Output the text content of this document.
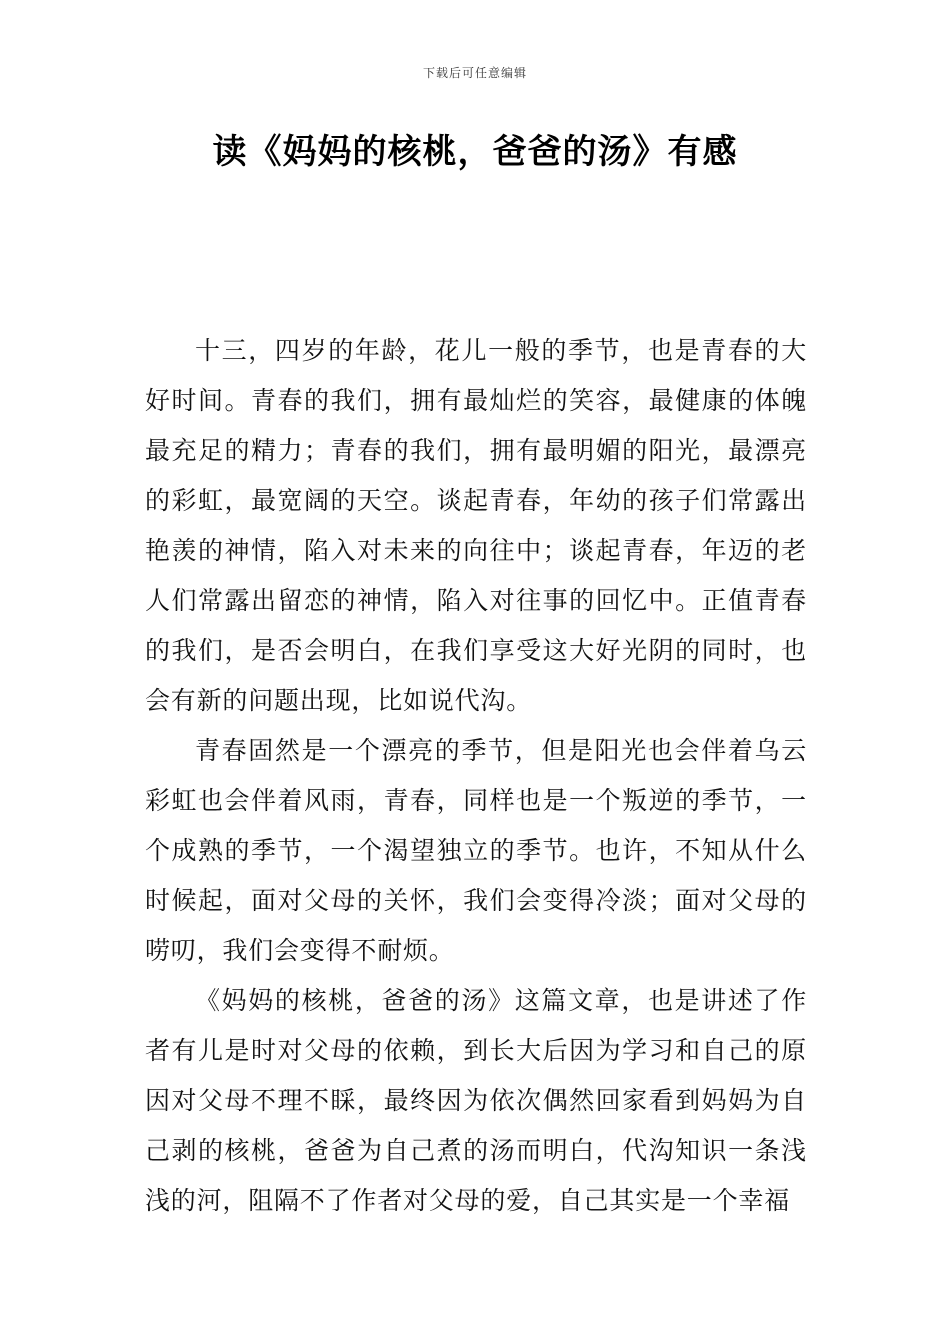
下载后可任意编辑
读《妈妈的核桃，爸爸的汤》有感

十三，四岁的年龄，花儿一般的季节，也是青春的大好时间。青春的我们，拥有最灿烂的笑容，最健康的体魄最充足的精力；青春的我们，拥有最明媚的阳光，最漂亮的彩虹，最宽阔的天空。谈起青春，年幼的孩子们常露出艳羡的神情，陷入对未来的向往中；谈起青春，年迈的老人们常露出留恋的神情，陷入对往事的回忆中。正值青春的我们，是否会明白，在我们享受这大好光阴的同时，也会有新的问题出现，比如说代沟。

青春固然是一个漂亮的季节，但是阳光也会伴着乌云彩虹也会伴着风雨，青春，同样也是一个叛逆的季节，一个成熟的季节，一个渴望独立的季节。也许，不知从什么时候起，面对父母的关怀，我们会变得冷淡；面对父母的唠叨，我们会变得不耐烦。

《妈妈的核桃，爸爸的汤》这篇文章，也是讲述了作者有儿是时对父母的依赖，到长大后因为学习和自己的原因对父母不理不睬，最终因为依次偶然回家看到妈妈为自己剥的核桃，爸爸为自己煮的汤而明白，代沟知识一条浅浅的河，阻隔不了作者对父母的爱，自己其实是一个幸福
